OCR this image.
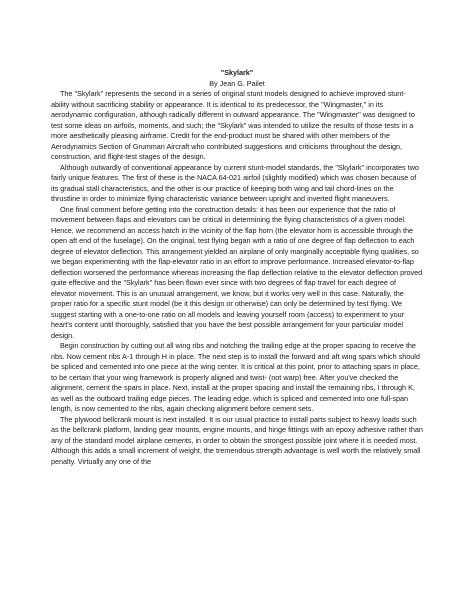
"Skylark"

By Jean G. Pailet

The "Skylark" represents the second in a series of original stunt models designed to achieve improved stunt-ability without sacrificing stability or appearance. It is identical to its predecessor, the "Wingmaster," in its aerodynamic configuration, although radically different in outward appearance. The "Wingmaster" was designed to test some ideas on airfoils, moments, and such; the "Skylark" was intended to utilize the results of those tests in a more aesthetically pleasing airframe. Credit for the end-product must be shared with other members of the Aerodynamics Section of Grumman Aircraft who contributed suggestions and criticisms throughout the design, construction, and flight-test stages of the design.

Although outwardly of conventional appearance by current stunt-model standards, the "Skylark" incorporates two fairly unique features. The first of these is the NACA 64-021 airfoil (slightly modified) which was chosen because of its gradual stall characteristics, and the other is our practice of keeping both wing and tail chord-lines on the thrustline in order to minimize flying characteristic variance between upright and inverted flight maneuvers.

One final comment before getting into the construction details: it has been our experience that the ratio of movement between flaps and elevators can be critical in determining the flying characteristics of a given model. Hence, we recommend an access hatch in the vicinity of the flap horn (the elevator horn is accessible through the open aft end of the fuselage). On the original, test flying began with a ratio of one degree of flap deflection to each degree of elevator deflection. This arrangement yielded an airplane of only marginally acceptable flying qualities, so we began experimenting with the flap-elevator ratio in an effort to improve performance. Increased elevator-to-flap deflection worsened the performance whereas increasing the flap deflection relative to the elevator deflection proved quite effective and the "Skylark" has been flown ever since with two degrees of flap travel for each degree of elevator movement. This is an unusual arrangement, we know, but it works very well in this case. Naturally, the proper ratio for a specific stunt model (be it this design or otherwise) can only be determined by test flying. We suggest starting with a one-to-one ratio on all models and leaving yourself room (access) to experiment to your heart's content until thoroughly, satisfied that you have the best possible arrangement for your particular model design.

Begin construction by cutting out all wing ribs and notching the trailing edge at the proper spacing to receive the ribs. Now cement ribs A-1 through H in place. The next step is to install the forward and aft wing spars which should be spliced and cemented into one piece at the wing center. It is critical at this point, prior to attaching spars in place, to be certain that your wing framework is properly aligned and twist- (not warp) free. After you've checked the alignment, cement the spars in place. Next, install at the proper spacing and install the remaining ribs, I through K, as well as the outboard trailing edge pieces. The leading edge, which is spliced and cemented into one full-span length, is now cemented to the ribs, again checking alignment before cement sets.

The plywood bellcrank mount is next installed. It is our usual practice to install parts subject to heavy loads such as the bellcrank platform, landing gear mounts, engine mounts, and hinge fittings with an epoxy adhesive rather than any of the standard model airplane cements, in order to obtain the strongest possible joint where it is needed most. Although this adds a small increment of weight, the tremendous strength advantage is well worth the relatively small penalty. Virtually any one of the
